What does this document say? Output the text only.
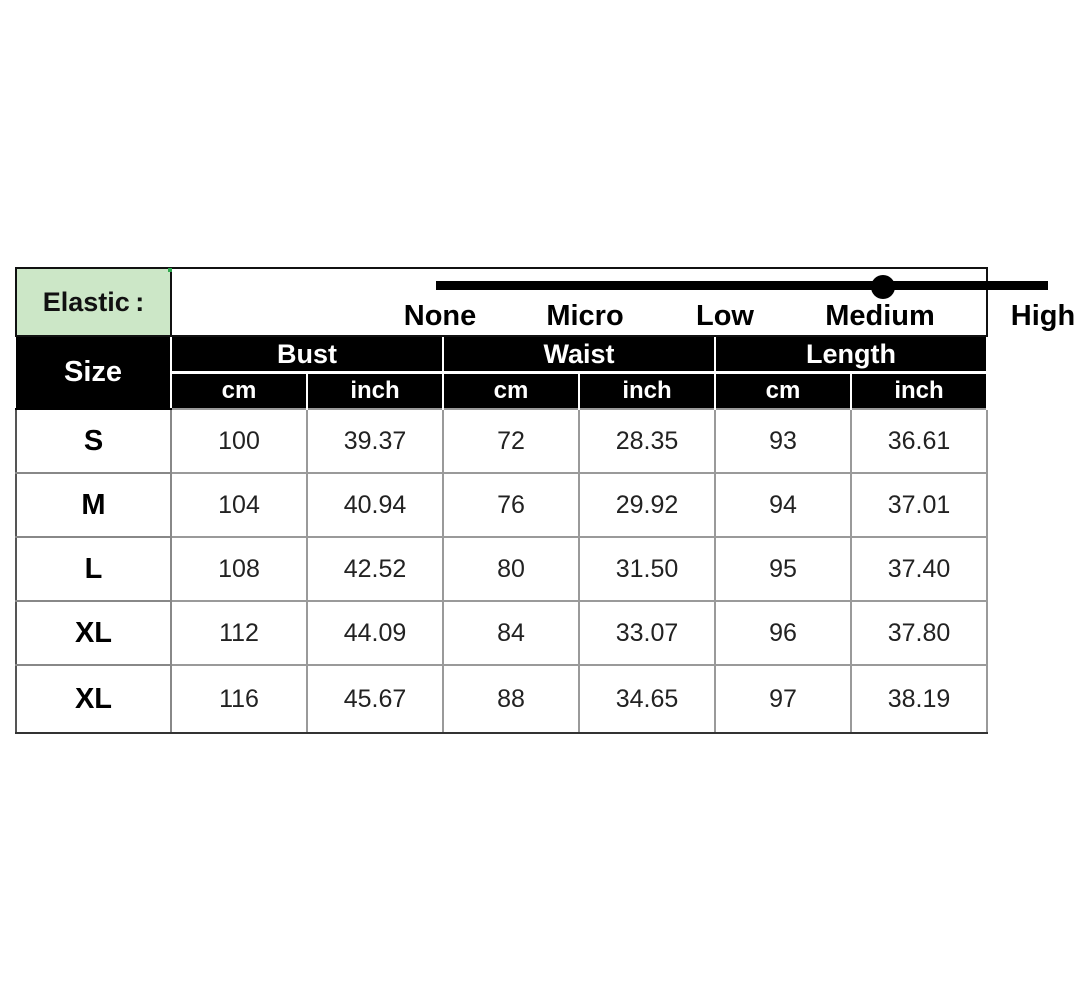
Elastic :	None Micro Low Medium High					

Size	Bust		Waist		Length	
	cm	inch	cm	inch	cm	inch
S	100	39.37	72	28.35	93	36.61
M	104	40.94	76	29.92	94	37.01
L	108	42.52	80	31.50	95	37.40
XL	112	44.09	84	33.07	96	37.80
XL	116	45.67	88	34.65	97	38.19
